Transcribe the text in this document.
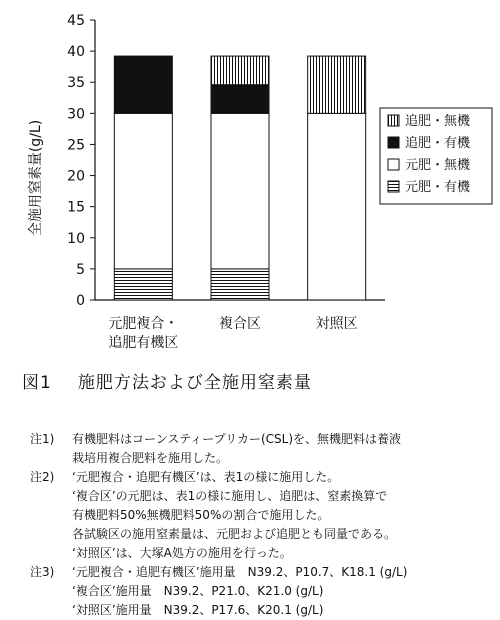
0
5
10
15
20
25
30
35
40
45
元肥複合・
追肥有機区
複合区	対照区
追肥・無機
追肥・有機
元肥・無機
元肥・有機
全施用窒素量(g/L)
図1 施肥方法および全施用窒素量
注1)	有機肥料はコーンスティープリカー(CSL)を、無機肥料は養液
栽培用複合肥料を施用した。
注2)	‘元肥複合・追肥有機区’は、表1の様に施用した。
‘複合区’の元肥は、表1の様に施用し、追肥は、窒素換算で
有機肥料50%無機肥料50%の割合で施用した。
各試験区の施用窒素量は、元肥および追肥とも同量である。
‘対照区’は、大塚A処方の施用を行った。
注3)	‘元肥複合・追肥有機区’施用量　N39.2、P10.7、K18.1 (g/L)
‘複合区’施用量　N39.2、P21.0、K21.0 (g/L)
‘対照区’施用量　N39.2、P17.6、K20.1 (g/L)
